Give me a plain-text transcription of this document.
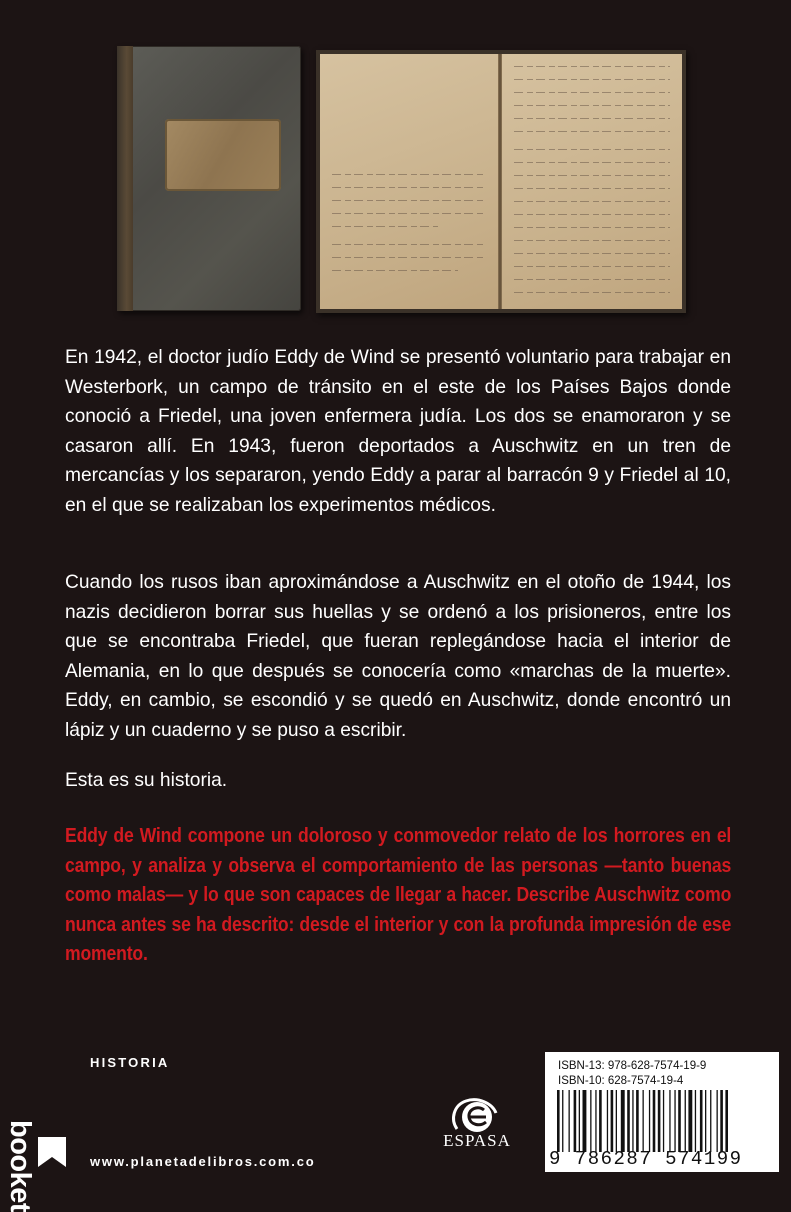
En 1942, el doctor judío Eddy de Wind se presentó voluntario para trabajar en Westerbork, un campo de tránsito en el este de los Países Bajos donde conoció a Friedel, una joven enfermera judía. Los dos se enamoraron y se casaron allí. En 1943, fueron deportados a Auschwitz en un tren de mercancías y los separaron, yendo Eddy a parar al barracón 9 y Friedel al 10, en el que se realizaban los experimentos médicos.

Cuando los rusos iban aproximándose a Auschwitz en el otoño de 1944, los nazis decidieron borrar sus huellas y se ordenó a los prisioneros, entre los que se encontraba Friedel, que fueran replegándose hacia el interior de Alemania, en lo que después se conocería como «marchas de la muerte». Eddy, en cambio, se escondió y se quedó en Auschwitz, donde encontró un lápiz y un cuaderno y se puso a escribir.

Esta es su historia.

Eddy de Wind compone un doloroso y conmovedor relato de los horrores en el campo, y analiza y observa el comportamiento de las personas —tanto buenas como malas— y lo que son capaces de llegar a hacer. Describe Auschwitz como nunca antes se ha descrito: desde el interior y con la profunda impresión de ese momento.

booket
HISTORIA
www.planetadelibros.com.co
ESPASA
ISBN-13: 978-628-7574-19-9
ISBN-10: 628-7574-19-4
9 786287 574199
